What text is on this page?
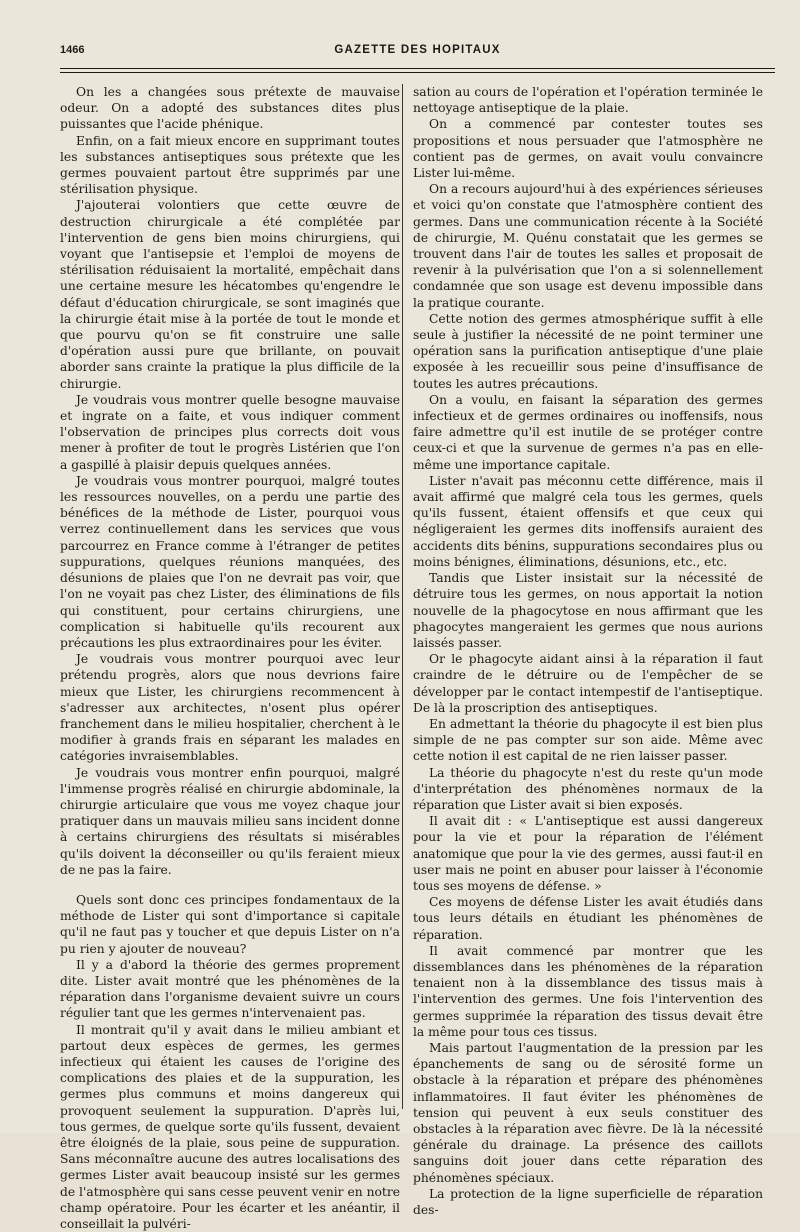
1466	GAZETTE DES HOPITAUX

On les a changées sous prétexte de mauvaise odeur. On a adopté des substances dites plus puissantes que l'acide phénique.

Enfin, on a fait mieux encore en supprimant toutes les substances antiseptiques sous prétexte que les germes pouvaient partout être supprimés par une stérilisation physique.

J'ajouterai volontiers que cette œuvre de destruction chirurgicale a été complétée par l'intervention de gens bien moins chirurgiens, qui voyant que l'antisepsie et l'emploi de moyens de stérilisation réduisaient la mortalité, empêchait dans une certaine mesure les hécatombes qu'engendre le défaut d'éducation chirurgicale, se sont imaginés que la chirurgie était mise à la portée de tout le monde et que pourvu qu'on se fit construire une salle d'opération aussi pure que brillante, on pouvait aborder sans crainte la pratique la plus difficile de la chirurgie.

Je voudrais vous montrer quelle besogne mauvaise et ingrate on a faite, et vous indiquer comment l'observation de principes plus corrects doit vous mener à profiter de tout le progrès Listérien que l'on a gaspillé à plaisir depuis quelques années.

Je voudrais vous montrer pourquoi, malgré toutes les ressources nouvelles, on a perdu une partie des bénéfices de la méthode de Lister, pourquoi vous verrez continuellement dans les services que vous parcourrez en France comme à l'étranger de petites suppurations, quelques réunions manquées, des désunions de plaies que l'on ne devrait pas voir, que l'on ne voyait pas chez Lister, des éliminations de fils qui constituent, pour certains chirurgiens, une complication si habituelle qu'ils recourent aux précautions les plus extraordinaires pour les éviter.

Je voudrais vous montrer pourquoi avec leur prétendu progrès, alors que nous devrions faire mieux que Lister, les chirurgiens recommencent à s'adresser aux architectes, n'osent plus opérer franchement dans le milieu hospitalier, cherchent à le modifier à grands frais en séparant les malades en catégories invraisemblables.

Je voudrais vous montrer enfin pourquoi, malgré l'immense progrès réalisé en chirurgie abdominale, la chirurgie articulaire que vous me voyez chaque jour pratiquer dans un mauvais milieu sans incident donne à certains chirurgiens des résultats si misérables qu'ils doivent la déconseiller ou qu'ils feraient mieux de ne pas la faire.

Quels sont donc ces principes fondamentaux de la méthode de Lister qui sont d'importance si capitale qu'il ne faut pas y toucher et que depuis Lister on n'a pu rien y ajouter de nouveau?

Il y a d'abord la théorie des germes proprement dite. Lister avait montré que les phénomènes de la réparation dans l'organisme devaient suivre un cours régulier tant que les germes n'intervenaient pas.

Il montrait qu'il y avait dans le milieu ambiant et partout deux espèces de germes, les germes infectieux qui étaient les causes de l'origine des complications des plaies et de la suppuration, les germes plus communs et moins dangereux qui provoquent seulement la suppuration. D'après lui, tous germes, de quelque sorte qu'ils fussent, devaient être éloignés de la plaie, sous peine de suppuration. Sans méconnaître aucune des autres localisations des germes Lister avait beaucoup insisté sur les germes de l'atmosphère qui sans cesse peuvent venir en notre champ opératoire. Pour les écarter et les anéantir, il conseillait la pulvéri-

sation au cours de l'opération et l'opération terminée le nettoyage antiseptique de la plaie.

On a commencé par contester toutes ses propositions et nous persuader que l'atmosphère ne contient pas de germes, on avait voulu convaincre Lister lui-même.

On a recours aujourd'hui à des expériences sérieuses et voici qu'on constate que l'atmosphère contient des germes. Dans une communication récente à la Société de chirurgie, M. Quénu constatait que les germes se trouvent dans l'air de toutes les salles et proposait de revenir à la pulvérisation que l'on a si solennellement condamnée que son usage est devenu impossible dans la pratique courante.

Cette notion des germes atmosphérique suffit à elle seule à justifier la nécessité de ne point terminer une opération sans la purification antiseptique d'une plaie exposée à les recueillir sous peine d'insuffisance de toutes les autres précautions.

On a voulu, en faisant la séparation des germes infectieux et de germes ordinaires ou inoffensifs, nous faire admettre qu'il est inutile de se protéger contre ceux-ci et que la survenue de germes n'a pas en elle-même une importance capitale.

Lister n'avait pas méconnu cette différence, mais il avait affirmé que malgré cela tous les germes, quels qu'ils fussent, étaient offensifs et que ceux qui négligeraient les germes dits inoffensifs auraient des accidents dits bénins, suppurations secondaires plus ou moins bénignes, éliminations, désunions, etc., etc.

Tandis que Lister insistait sur la nécessité de détruire tous les germes, on nous apportait la notion nouvelle de la phagocytose en nous affirmant que les phagocytes mangeraient les germes que nous aurions laissés passer.

Or le phagocyte aidant ainsi à la réparation il faut craindre de le détruire ou de l'empêcher de se développer par le contact intempestif de l'antiseptique. De là la proscription des antiseptiques.

En admettant la théorie du phagocyte il est bien plus simple de ne pas compter sur son aide. Même avec cette notion il est capital de ne rien laisser passer.

La théorie du phagocyte n'est du reste qu'un mode d'interprétation des phénomènes normaux de la réparation que Lister avait si bien exposés.

Il avait dit : « L'antiseptique est aussi dangereux pour la vie et pour la réparation de l'élément anatomique que pour la vie des germes, aussi faut-il en user mais ne point en abuser pour laisser à l'économie tous ses moyens de défense. »

Ces moyens de défense Lister les avait étudiés dans tous leurs détails en étudiant les phénomènes de réparation.

Il avait commencé par montrer que les dissemblances dans les phénomènes de la réparation tenaient non à la dissemblance des tissus mais à l'intervention des germes. Une fois l'intervention des germes supprimée la réparation des tissus devait être la même pour tous ces tissus.

Mais partout l'augmentation de la pression par les épanchements de sang ou de sérosité forme un obstacle à la réparation et prépare des phénomènes inflammatoires. Il faut éviter les phénomènes de tension qui peuvent à eux seuls constituer des obstacles à la réparation avec fièvre. De là la nécessité générale du drainage. La présence des caillots sanguins doit jouer dans cette réparation des phénomènes spéciaux.

La protection de la ligne superficielle de réparation des-
